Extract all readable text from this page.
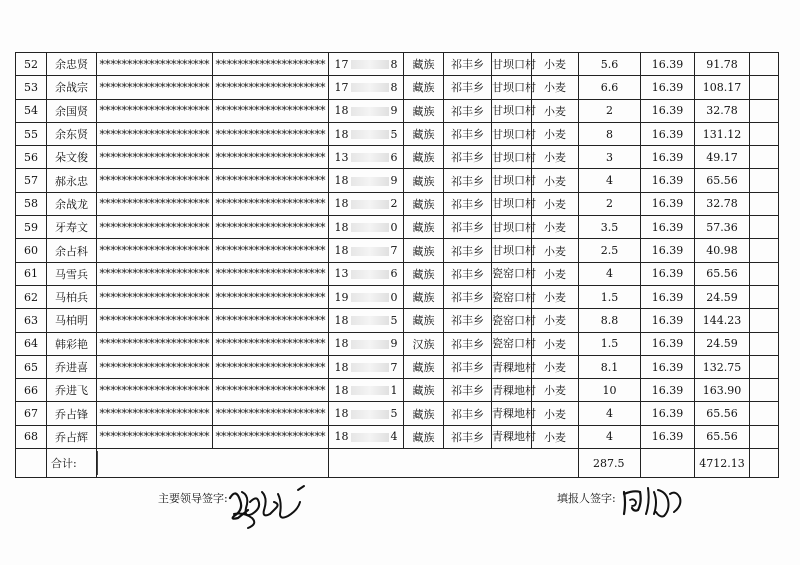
52	余忠贤	********************	********************	17 8	藏族	祁丰乡	甘坝口村	小麦	5.6	16.39	91.78	
53	余战宗	********************	********************	17 8	藏族	祁丰乡	甘坝口村	小麦	6.6	16.39	108.17	
54	余国贤	********************	********************	18 9	藏族	祁丰乡	甘坝口村	小麦	2	16.39	32.78	
55	余东贤	********************	********************	18 5	藏族	祁丰乡	甘坝口村	小麦	8	16.39	131.12	
56	朵文俊	********************	********************	13 6	藏族	祁丰乡	甘坝口村	小麦	3	16.39	49.17	
57	郝永忠	********************	********************	18 9	藏族	祁丰乡	甘坝口村	小麦	4	16.39	65.56	
58	余战龙	********************	********************	18 2	藏族	祁丰乡	甘坝口村	小麦	2	16.39	32.78	
59	牙寿文	********************	********************	18 0	藏族	祁丰乡	甘坝口村	小麦	3.5	16.39	57.36	
60	余占科	********************	********************	18 7	藏族	祁丰乡	甘坝口村	小麦	2.5	16.39	40.98	
61	马雪兵	********************	********************	13 6	藏族	祁丰乡	瓷窑口村	小麦	4	16.39	65.56	
62	马柏兵	********************	********************	19 0	藏族	祁丰乡	瓷窑口村	小麦	1.5	16.39	24.59	
63	马柏明	********************	********************	18 5	藏族	祁丰乡	瓷窑口村	小麦	8.8	16.39	144.23	
64	韩彩艳	********************	********************	18 9	汉族	祁丰乡	瓷窑口村	小麦	1.5	16.39	24.59	
65	乔进喜	********************	********************	18 7	藏族	祁丰乡	青稞地村	小麦	8.1	16.39	132.75	
66	乔进飞	********************	********************	18 1	藏族	祁丰乡	青稞地村	小麦	10	16.39	163.90	
67	乔占锋	********************	********************	18 5	藏族	祁丰乡	青稞地村	小麦	4	16.39	65.56	
68	乔占辉	********************	********************	18 4	藏族	祁丰乡	青稞地村	小麦	4	16.39	65.56	
	合计:								287.5		4712.13	
主要领导签字:	填报人签字:
